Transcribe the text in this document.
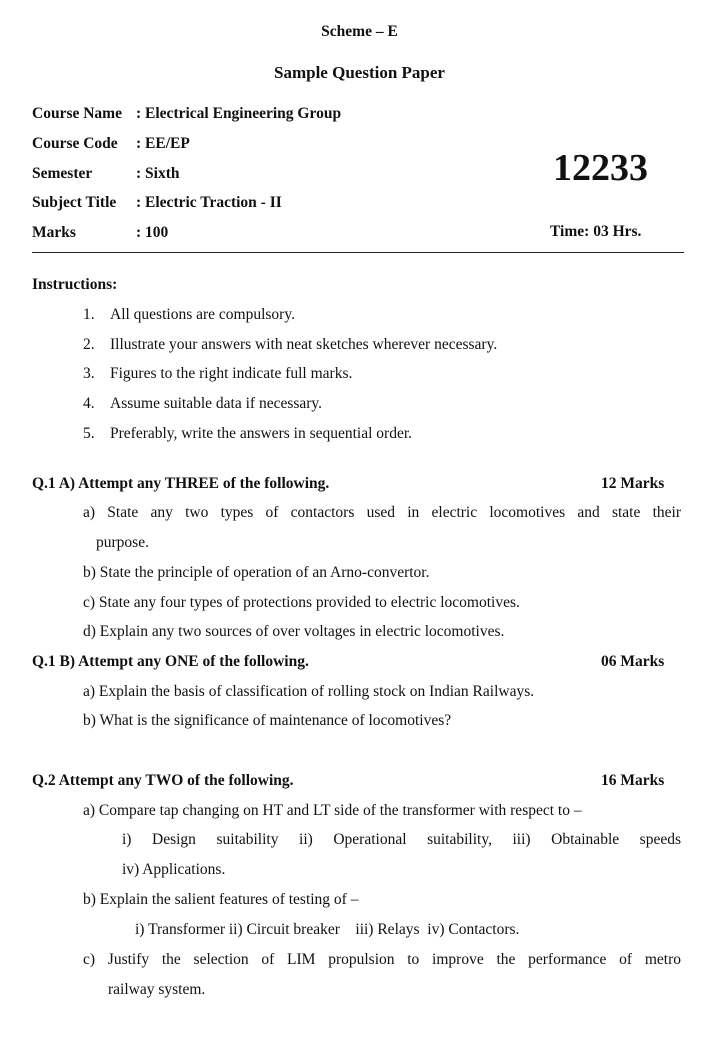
Scheme – E
Sample Question Paper
Course Name : Electrical Engineering Group
Course Code : EE/EP
Semester	: Sixth
Subject Title : Electric Traction - II
Marks	: 100
12233
Time: 03 Hrs.
Instructions:
1. All questions are compulsory.
2. Illustrate your answers with neat sketches wherever necessary.
3. Figures to the right indicate full marks.
4. Assume suitable data if necessary.
5. Preferably, write the answers in sequential order.
Q.1 A) Attempt any THREE of the following.	12 Marks
a) State any two types of contactors used in electric locomotives and state their
purpose.
b) State the principle of operation of an Arno-convertor.
c) State any four types of protections provided to electric locomotives.
d) Explain any two sources of over voltages in electric locomotives.
Q.1 B) Attempt any ONE of the following.	06 Marks
a) Explain the basis of classification of rolling stock on Indian Railways.
b) What is the significance of maintenance of locomotives?
Q.2 Attempt any TWO of the following.	16 Marks
a) Compare tap changing on HT and LT side of the transformer with respect to –
i) Design suitability ii) Operational suitability, iii) Obtainable speeds
iv) Applications.
b) Explain the salient features of testing of –
i) Transformer ii) Circuit breaker    iii) Relays  iv) Contactors.
c) Justify the selection of LIM propulsion to improve the performance of metro
railway system.
